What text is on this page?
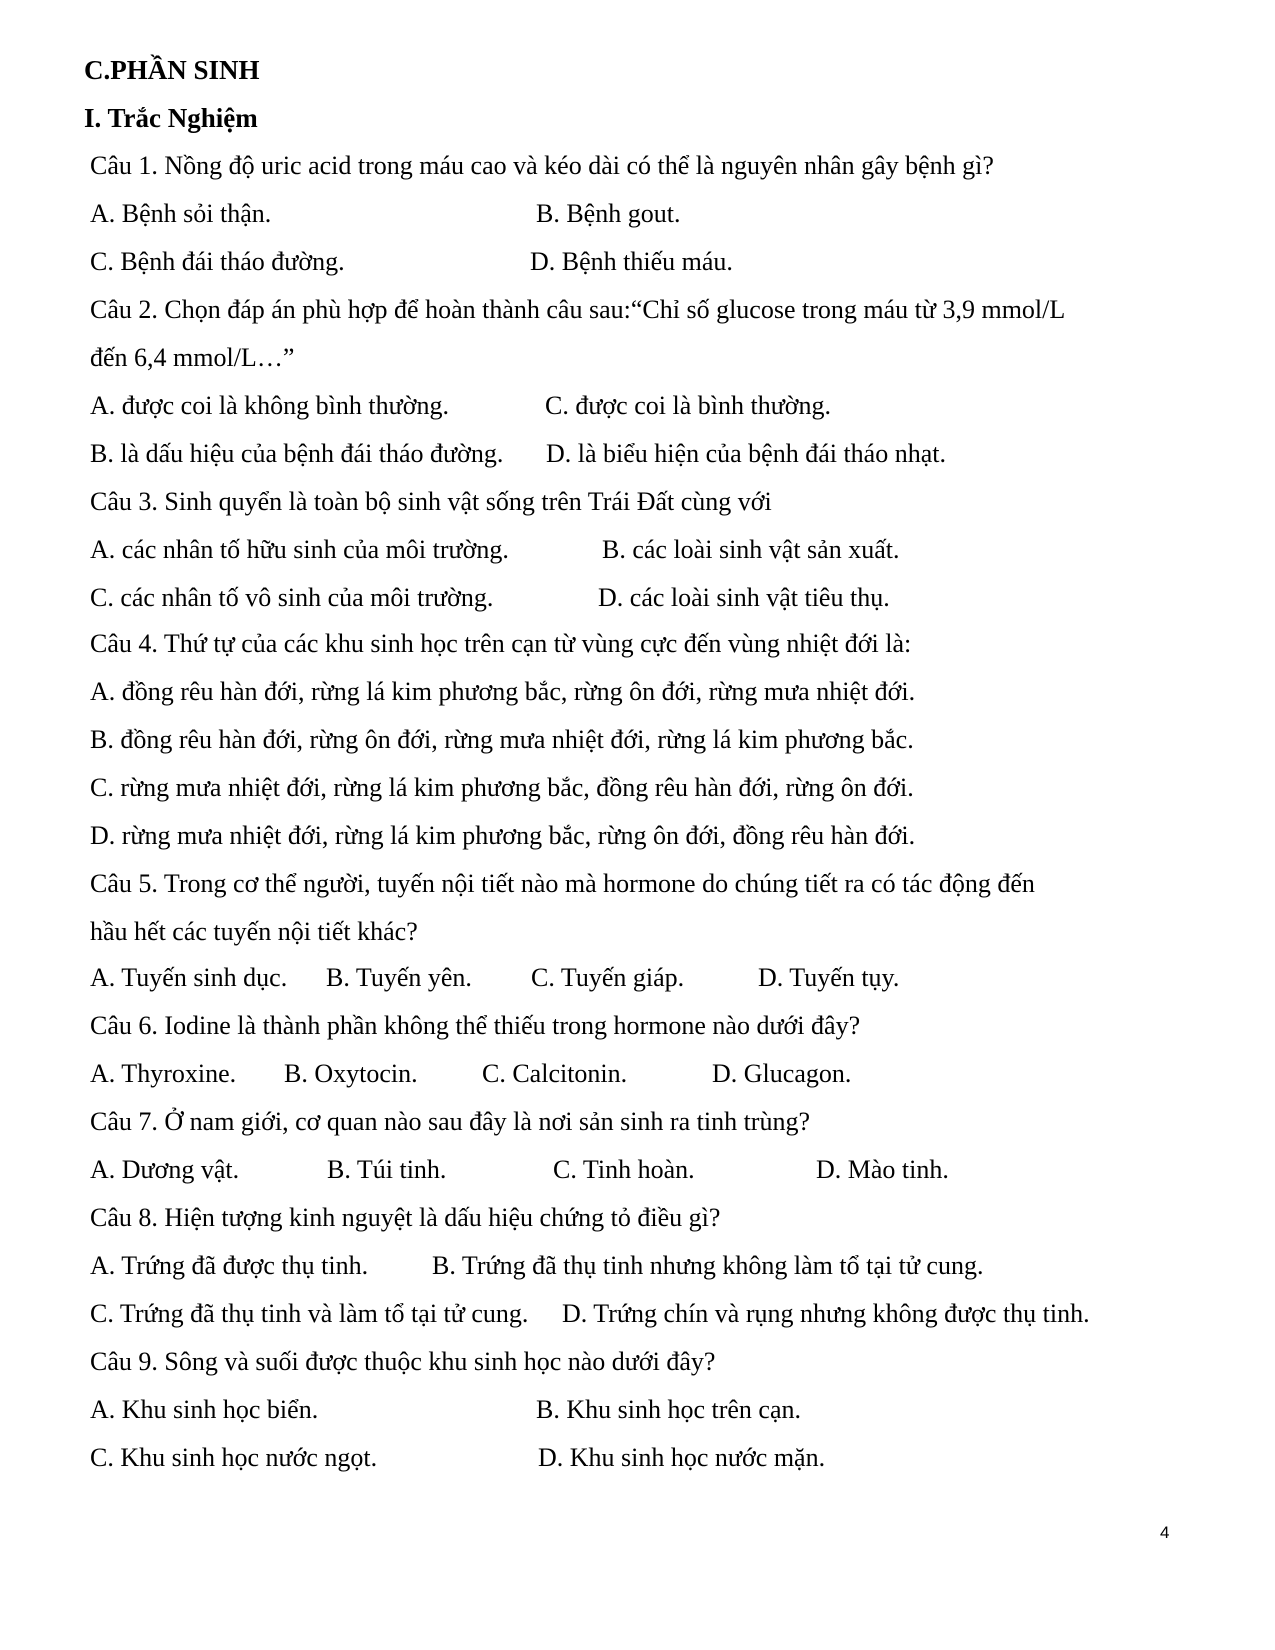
C.PHẦN SINH
I. Trắc Nghiệm
Câu 1. Nồng độ uric acid trong máu cao và kéo dài có thể là nguyên nhân gây bệnh gì?
A. Bệnh sỏi thận.	B. Bệnh gout.
C. Bệnh đái tháo đường.	D. Bệnh thiếu máu.
Câu 2. Chọn đáp án phù hợp để hoàn thành câu sau:“Chỉ số glucose trong máu từ 3,9 mmol/L
đến 6,4 mmol/L…”
A. được coi là không bình thường.	C. được coi là bình thường.
B. là dấu hiệu của bệnh đái tháo đường. D. là biểu hiện của bệnh đái tháo nhạt.
Câu 3. Sinh quyển là toàn bộ sinh vật sống trên Trái Đất cùng với
A. các nhân tố hữu sinh của môi trường.	B. các loài sinh vật sản xuất.
C. các nhân tố vô sinh của môi trường.	D. các loài sinh vật tiêu thụ.
Câu 4. Thứ tự của các khu sinh học trên cạn từ vùng cực đến vùng nhiệt đới là:
A. đồng rêu hàn đới, rừng lá kim phương bắc, rừng ôn đới, rừng mưa nhiệt đới.
B. đồng rêu hàn đới, rừng ôn đới, rừng mưa nhiệt đới, rừng lá kim phương bắc.
C. rừng mưa nhiệt đới, rừng lá kim phương bắc, đồng rêu hàn đới, rừng ôn đới.
D. rừng mưa nhiệt đới, rừng lá kim phương bắc, rừng ôn đới, đồng rêu hàn đới.
Câu 5. Trong cơ thể người, tuyến nội tiết nào mà hormone do chúng tiết ra có tác động đến
hầu hết các tuyến nội tiết khác?
A. Tuyến sinh dục. B. Tuyến yên. C. Tuyến giáp.	D. Tuyến tụy.
Câu 6. Iodine là thành phần không thể thiếu trong hormone nào dưới đây?
A. Thyroxine. B. Oxytocin. C. Calcitonin.	D. Glucagon.
Câu 7. Ở nam giới, cơ quan nào sau đây là nơi sản sinh ra tinh trùng?
A. Dương vật.	B. Túi tinh.	C. Tinh hoàn.	D. Mào tinh.
Câu 8. Hiện tượng kinh nguyệt là dấu hiệu chứng tỏ điều gì?
A. Trứng đã được thụ tinh. B. Trứng đã thụ tinh nhưng không làm tổ tại tử cung.
C. Trứng đã thụ tinh và làm tổ tại tử cung. D. Trứng chín và rụng nhưng không được thụ tinh.
Câu 9. Sông và suối được thuộc khu sinh học nào dưới đây?
A. Khu sinh học biển.	B. Khu sinh học trên cạn.
C. Khu sinh học nước ngọt.	D. Khu sinh học nước mặn.
4
